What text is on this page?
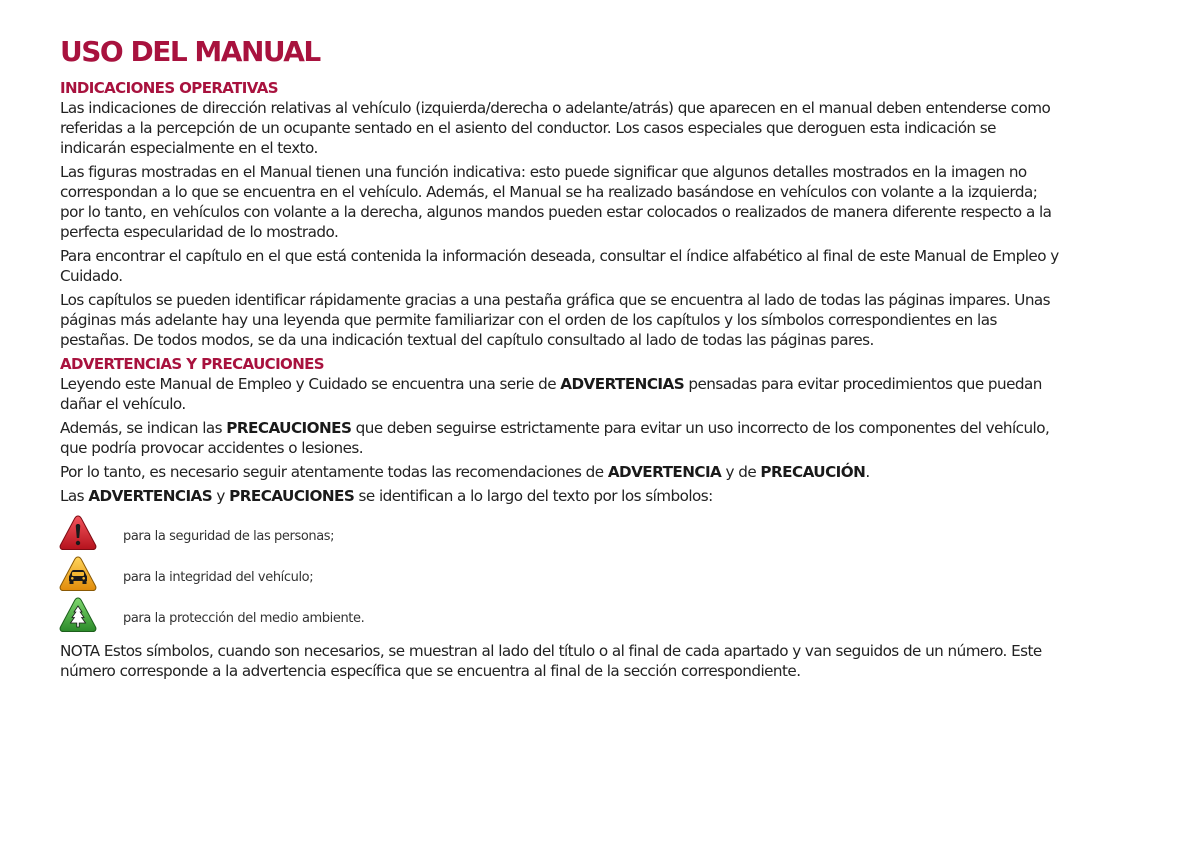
USO DEL MANUAL
INDICACIONES OPERATIVAS

Las indicaciones de dirección relativas al vehículo (izquierda/derecha o adelante/atrás) que aparecen en el manual deben entenderse como referidas a la percepción de un ocupante sentado en el asiento del conductor. Los casos especiales que deroguen esta indicación se indicarán especialmente en el texto.

Las figuras mostradas en el Manual tienen una función indicativa: esto puede significar que algunos detalles mostrados en la imagen no correspondan a lo que se encuentra en el vehículo. Además, el Manual se ha realizado basándose en vehículos con volante a la izquierda; por lo tanto, en vehículos con volante a la derecha, algunos mandos pueden estar colocados o realizados de manera diferente respecto a la perfecta especularidad de lo mostrado.

Para encontrar el capítulo en el que está contenida la información deseada, consultar el índice alfabético al final de este Manual de Empleo y Cuidado.

Los capítulos se pueden identificar rápidamente gracias a una pestaña gráfica que se encuentra al lado de todas las páginas impares. Unas páginas más adelante hay una leyenda que permite familiarizar con el orden de los capítulos y los símbolos correspondientes en las pestañas. De todos modos, se da una indicación textual del capítulo consultado al lado de todas las páginas pares.

ADVERTENCIAS Y PRECAUCIONES

Leyendo este Manual de Empleo y Cuidado se encuentra una serie de ADVERTENCIAS pensadas para evitar procedimientos que puedan dañar el vehículo.

Además, se indican las PRECAUCIONES que deben seguirse estrictamente para evitar un uso incorrecto de los componentes del vehículo, que podría provocar accidentes o lesiones.

Por lo tanto, es necesario seguir atentamente todas las recomendaciones de ADVERTENCIA y de PRECAUCIÓN.

Las ADVERTENCIAS y PRECAUCIONES se identifican a lo largo del texto por los símbolos:

para la seguridad de las personas;
para la integridad del vehículo;
para la protección del medio ambiente.

NOTA Estos símbolos, cuando son necesarios, se muestran al lado del título o al final de cada apartado y van seguidos de un número. Este número corresponde a la advertencia específica que se encuentra al final de la sección correspondiente.
